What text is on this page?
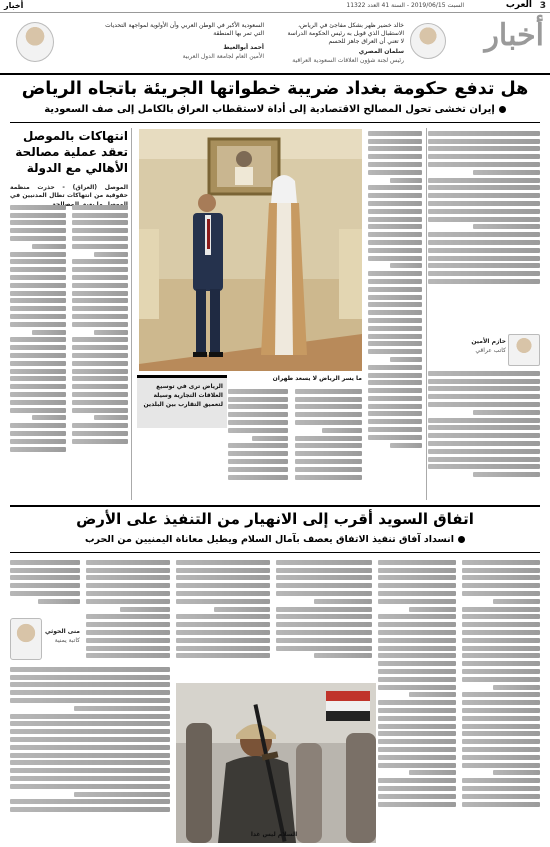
3
العرب
السبت 2019/06/15 - السنة 41 العدد 11322
أخبار
أخبار
خالد خضير ظهر بشكل مفاجئ في الرياض، الاستقبال الذي قوبل به رئيس الحكومة الدراسة لا تعني أن العراق جاهز للحسم
سلمان المصري
رئيس لجنة شؤون العلاقات السعودية العراقية
السعودية الأكبر في الوطن العربي وأن الأولوية لمواجهة التحديات التي تمر بها المنطقة
أحمد أبوالغيط
الأمين العام لجامعة الدول العربية
هل تدفع حكومة بغداد ضريبة خطواتها الجريئة باتجاه الرياض
إيران تخشى تحول المصالح الاقتصادية إلى أداة لاستقطاب العراق بالكامل إلى صف السعودية
حازم الأمين
كاتب عراقي
ما يسر الرياض لا يسعد طهران
الرياض ترى في توسيع العلاقات التجارية وسيلة لتعميق التقارب بين البلدين
انتهاكات بالموصل تعقد عملية مصالحة الأهالي مع الدولة
الموصل (العراق) - حذرت منظمة حقوقية من انتهاكات تطال المدنيين في
اتفاق السويد أقرب إلى الانهيار من التنفيذ على الأرض
انسداد آفاق تنفيذ الاتفاق يعصف بآمال السلام ويطيل معاناة اليمنيين من الحرب
السلام ليس غدا
منى الحوثي
كاتبة يمنية
